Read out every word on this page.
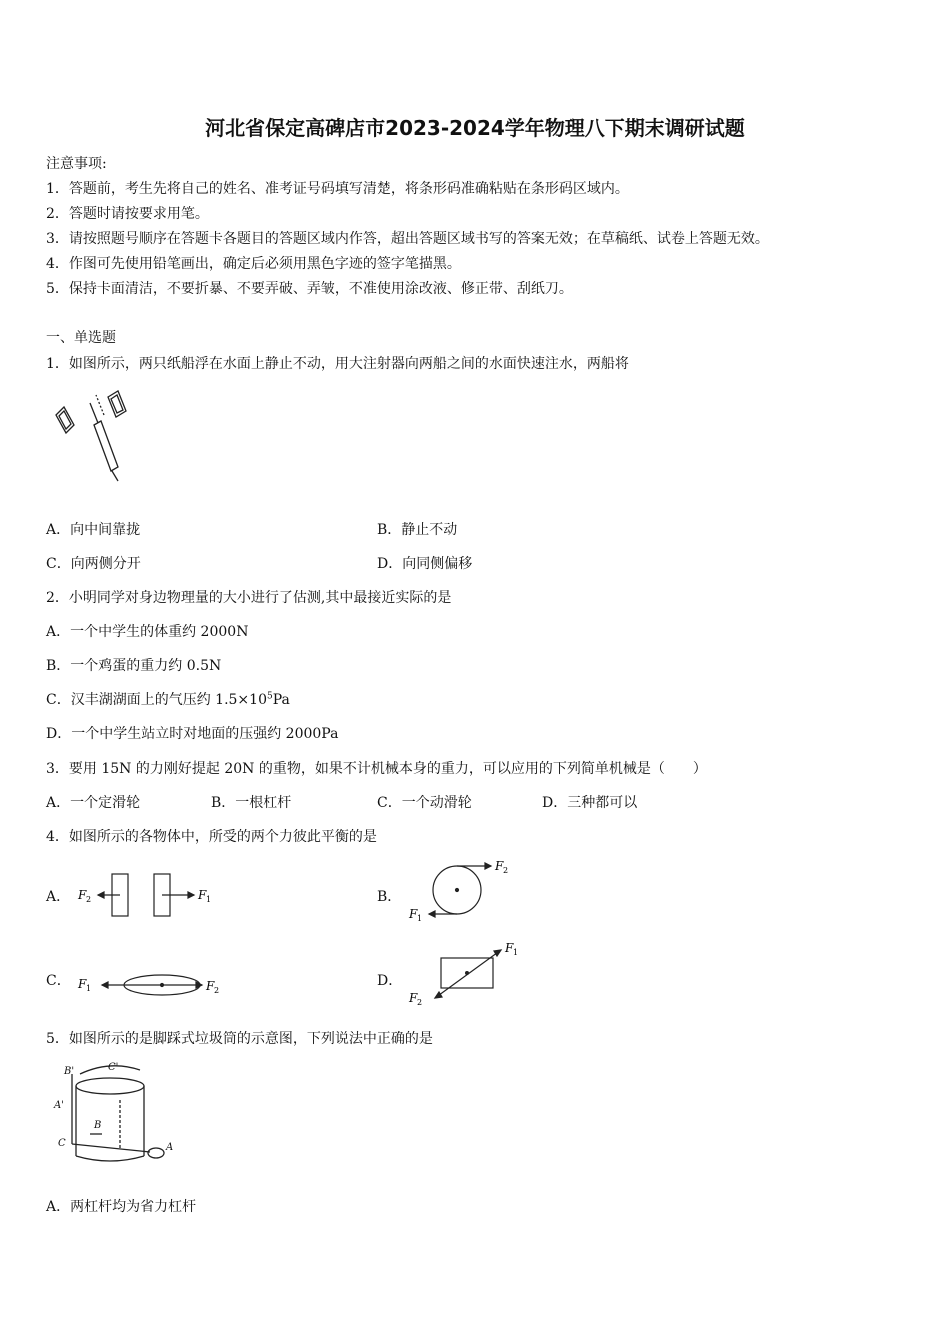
河北省保定高碑店市2023-2024学年物理八下期末调研试题
注意事项:
1．答题前，考生先将自己的姓名、准考证号码填写清楚，将条形码准确粘贴在条形码区域内。
2．答题时请按要求用笔。
3．请按照题号顺序在答题卡各题目的答题区域内作答，超出答题区域书写的答案无效；在草稿纸、试卷上答题无效。
4．作图可先使用铅笔画出，确定后必须用黑色字迹的签字笔描黑。
5．保持卡面清洁，不要折暴、不要弄破、弄皱，不准使用涂改液、修正带、刮纸刀。
一、单选题
1．如图所示，两只纸船浮在水面上静止不动，用大注射器向两船之间的水面快速注水，两船将
A．向中间靠拢	B．静止不动
C．向两侧分开	D．向同侧偏移
2．小明同学对身边物理量的大小进行了估测,其中最接近实际的是
A．一个中学生的体重约 2000N
B．一个鸡蛋的重力约 0.5N
C．汉丰湖湖面上的气压约 $1.5\times 10^5Pa$
D．一个中学生站立时对地面的压强约 2000Pa
3．要用 15N 的力刚好提起 20N 的重物，如果不计机械本身的重力，可以应用的下列简单机械是（　　）
A．一个定滑轮	B．一根杠杆	C．一个动滑轮	D．三种都可以
4．如图所示的各物体中，所受的两个力彼此平衡的是
A． F 2	F 1	B．
F 2
F 1
C． F 1	F 2
D．
F 1
F 2
5．如图所示的是脚踩式垃圾筒的示意图，下列说法中正确的是
B'	C'
A'
B
C	A
A．两杠杆均为省力杠杆
